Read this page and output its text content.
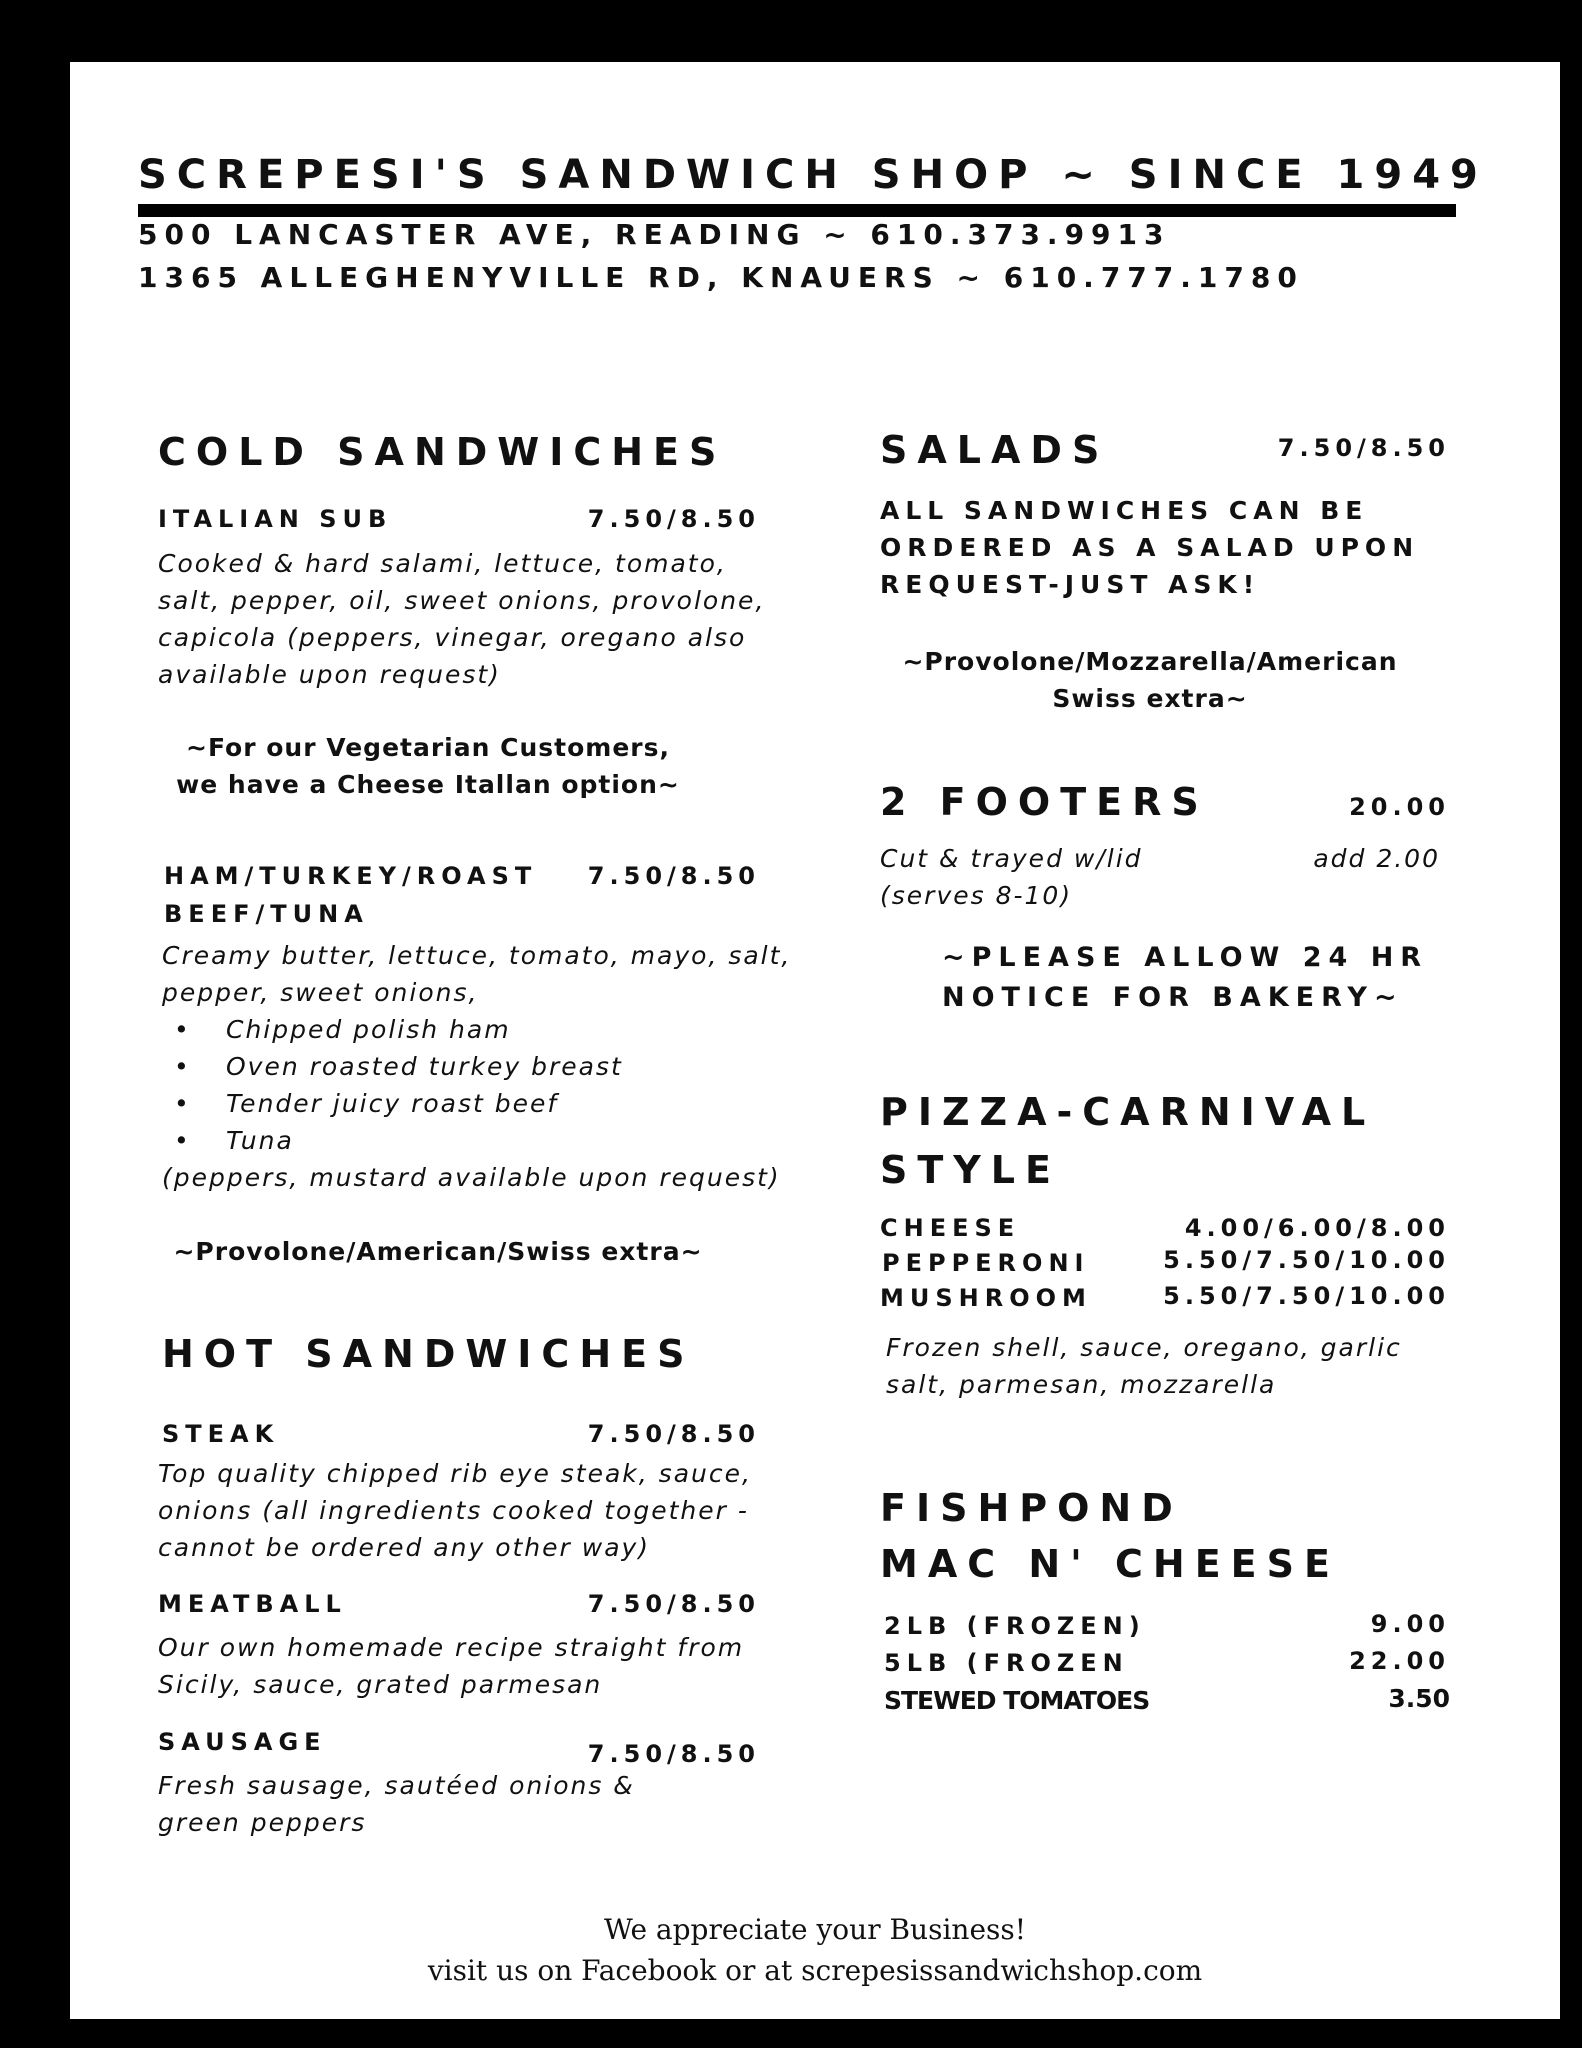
SCREPESI'S SANDWICH SHOP ~ SINCE 1949
500 LANCASTER AVE, READING ~ 610.373.9913
1365 ALLEGHENYVILLE RD, KNAUERS ~ 610.777.1780
COLD SANDWICHES
ITALIAN SUB	7.50/8.50
Cooked & hard salami, lettuce, tomato, salt, pepper, oil, sweet onions, provolone, capicola (peppers, vinegar, oregano also available upon request)
~For our Vegetarian Customers,
we have a Cheese Itallan option~
HAM/TURKEY/ROAST	7.50/8.50
BEEF/TUNA
Creamy butter, lettuce, tomato, mayo, salt, pepper, sweet onions,
• Chipped polish ham
• Oven roasted turkey breast
• Tender juicy roast beef
• Tuna
(peppers, mustard available upon request)
~Provolone/American/Swiss extra~
HOT SANDWICHES
STEAK	7.50/8.50
Top quality chipped rib eye steak, sauce, onions (all ingredients cooked together - cannot be ordered any other way)
MEATBALL	7.50/8.50
Our own homemade recipe straight from Sicily, sauce, grated parmesan
SAUSAGE	7.50/8.50
Fresh sausage, sautéed onions & green peppers
SALADS	7.50/8.50
ALL SANDWICHES CAN BE ORDERED AS A SALAD UPON REQUEST-JUST ASK!
~Provolone/Mozzarella/American
Swiss extra~
2 FOOTERS	20.00
Cut & trayed w/lid	add 2.00
(serves 8-10)
~PLEASE ALLOW 24 HR
NOTICE FOR BAKERY~
PIZZA-CARNIVAL
STYLE
CHEESE	4.00/6.00/8.00
PEPPERONI	5.50/7.50/10.00
MUSHROOM	5.50/7.50/10.00
Frozen shell, sauce, oregano, garlic salt, parmesan, mozzarella
FISHPOND
MAC N' CHEESE
2LB (FROZEN)	9.00
5LB (FROZEN	22.00
STEWED TOMATOES	3.50
We appreciate your Business!
visit us on Facebook or at screpesissandwichshop.com
